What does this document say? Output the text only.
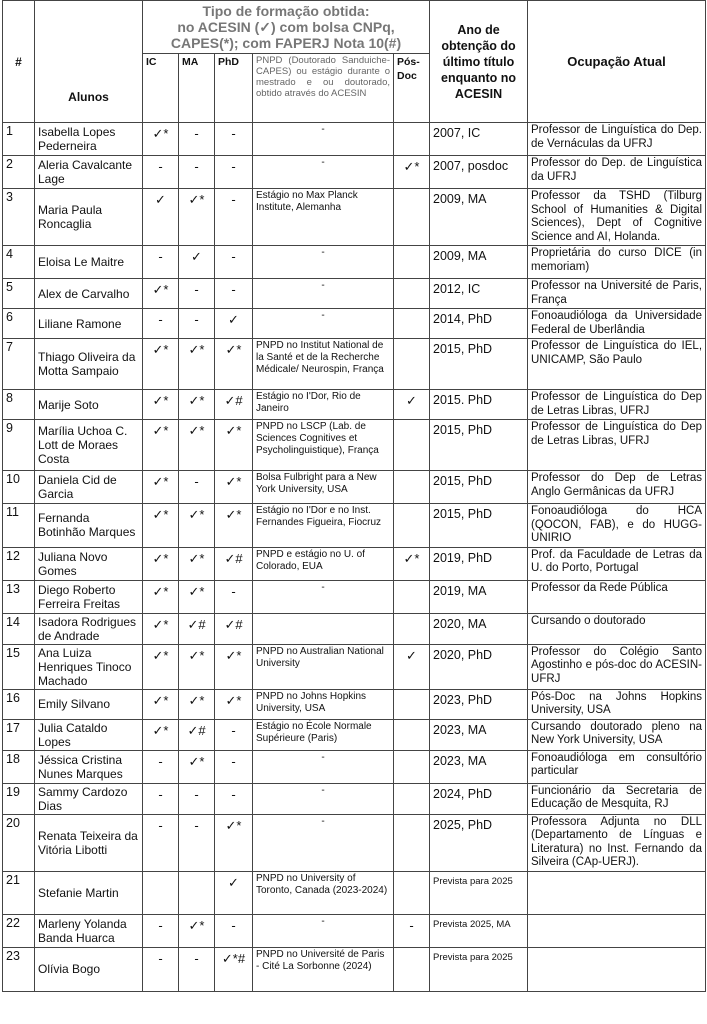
#	Alunos	Tipo de formação obtida:
no ACESIN (✓) com bolsa CNPq,
CAPES(*); com FAPERJ Nota 10(#)					Ano de obtenção do último título enquanto no ACESIN	Ocupação Atual
		IC	MA	PhD	PNPD (Doutorado Sanduiche-CAPES) ou estágio durante o mestrado e ou doutorado, obtido através do ACESIN	Pós-Doc		
1	Isabella Lopes Pederneira	✓*	-	-	-		2007, IC	Professor de Linguística do Dep. de Vernáculas da UFRJ
2	Aleria Cavalcante Lage	-	-	-	-	✓*	2007, posdoc	Professor do Dep. de Linguística da UFRJ
3	Maria Paula Roncaglia	✓	✓*	-	Estágio no Max Planck Institute, Alemanha		2009, MA	Professor da TSHD (Tilburg School of Humanities & Digital Sciences), Dept of Cognitive Science and AI, Holanda.
4	Eloisa Le Maitre	-	✓	-	-		2009, MA	Proprietária do curso DICE (in memoriam)
5	Alex de Carvalho	✓*	-	-	-		2012, IC	Professor na Université de Paris, França
6	Liliane Ramone	-	-	✓	-		2014, PhD	Fonoaudióloga da Universidade Federal de Uberlândia
7	Thiago Oliveira da Motta Sampaio	✓*	✓*	✓*	PNPD no Institut National de la Santé et de la Recherche Médicale/ Neurospin, França		2015, PhD	Professor de Linguística do IEL, UNICAMP, São Paulo
8	Marije Soto	✓*	✓*	✓#	Estágio no I'Dor, Rio de Janeiro	✓	2015. PhD	Professor de Linguística do Dep de Letras Libras, UFRJ
9	Marília Uchoa C. Lott de Moraes Costa	✓*	✓*	✓*	PNPD no LSCP (Lab. de Sciences Cognitives et Psycholinguistique), França		2015, PhD	Professor de Linguística do Dep de Letras Libras, UFRJ
10	Daniela Cid de Garcia	✓*	-	✓*	Bolsa Fulbright para a New York University, USA		2015, PhD	Professor do Dep de Letras Anglo Germânicas da UFRJ
11	Fernanda Botinhão Marques	✓*	✓*	✓*	Estágio no I'Dor e no Inst. Fernandes Figueira, Fiocruz		2015, PhD	Fonoaudióloga do HCA (QOCON, FAB), e do HUGG-UNIRIO
12	Juliana Novo Gomes	✓*	✓*	✓#	PNPD e estágio no U. of Colorado, EUA	✓*	2019, PhD	Prof. da Faculdade de Letras da U. do Porto, Portugal
13	Diego Roberto Ferreira Freitas	✓*	✓*	-	-		2019, MA	Professor da Rede Pública
14	Isadora Rodrigues de Andrade	✓*	✓#	✓#			2020, MA	Cursando o doutorado
15	Ana Luiza Henriques Tinoco Machado	✓*	✓*	✓*	PNPD no Australian National University	✓	2020, PhD	Professor do Colégio Santo Agostinho e pós-doc do ACESIN-UFRJ
16	Emily Silvano	✓*	✓*	✓*	PNPD no Johns Hopkins University, USA		2023, PhD	Pós-Doc na Johns Hopkins University, USA
17	Julia Cataldo Lopes	✓*	✓#	-	Estágio no École Normale Supérieure (Paris)		2023, MA	Cursando doutorado pleno na New York University, USA
18	Jéssica Cristina Nunes Marques	-	✓*	-	-		2023, MA	Fonoaudióloga em consultório particular
19	Sammy Cardozo Dias	-	-	-	-		2024, PhD	Funcionário da Secretaria de Educação de Mesquita, RJ
20	Renata Teixeira da Vitória Libotti	-	-	✓*	-		2025, PhD	Professora Adjunta no DLL (Departamento de Línguas e Literatura) no Inst. Fernando da Silveira (CAp-UERJ).
21	Stefanie Martin			✓	PNPD no University of Toronto, Canada (2023-2024)		Prevista para 2025	
22	Marleny Yolanda Banda Huarca	-	✓*	-	-	-	Prevista 2025, MA	
23	Olívia Bogo	-	-	✓*#	PNPD no Université de Paris - Cité La Sorbonne (2024)		Prevista para 2025	
